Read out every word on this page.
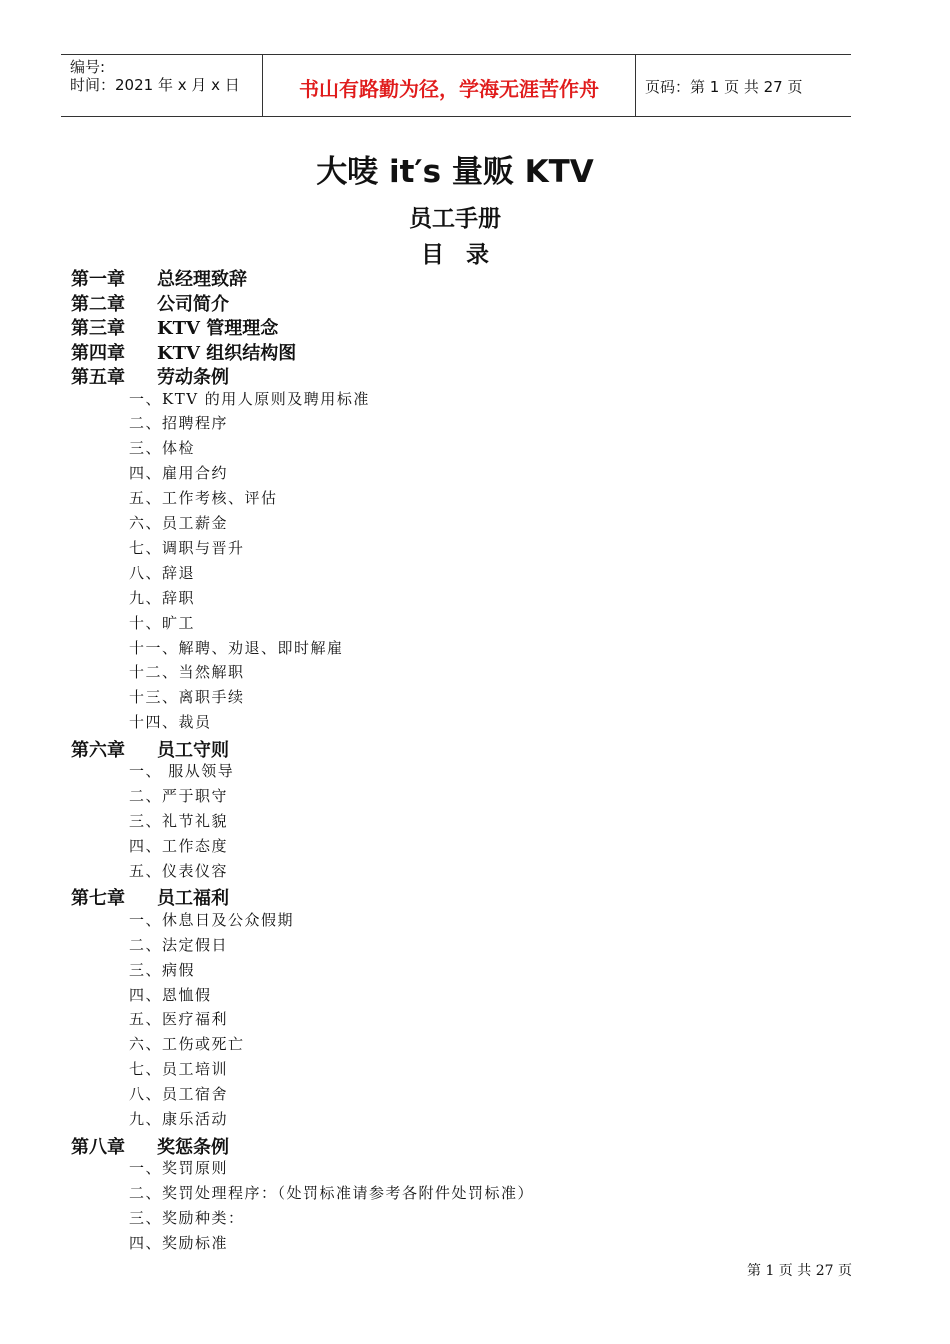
编号:
时间：2021 年 x 月 x 日	书山有路勤为径，学海无涯苦作舟	页码：第 1 页 共 27 页
大唛 it′s 量贩 KTV
员工手册
目录
第一章 总经理致辞
第二章 公司简介
第三章 KTV 管理理念
第四章 KTV 组织结构图
第五章 劳动条例
一、KTV 的用人原则及聘用标准
二、招聘程序
三、体检
四、雇用合约
五、工作考核、评估
六、员工薪金
七、调职与晋升
八、辞退
九、辞职
十、旷工
十一、解聘、劝退、即时解雇
十二、当然解职
十三、离职手续
十四、裁员
第六章 员工守则
一、 服从领导
二、严于职守
三、礼节礼貌
四、工作态度
五、仪表仪容
第七章 员工福利
一、休息日及公众假期
二、法定假日
三、病假
四、恩恤假
五、医疗福利
六、工伤或死亡
七、员工培训
八、员工宿舍
九、康乐活动
第八章 奖惩条例
一、奖罚原则
二、奖罚处理程序：（处罚标准请参考各附件处罚标准）
三、奖励种类：
四、奖励标准
第 1 页 共 27 页
